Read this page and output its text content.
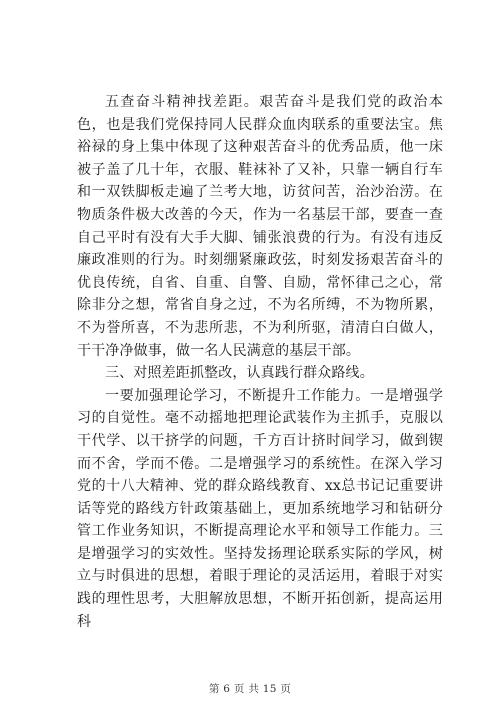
五查奋斗精神找差距。艰苦奋斗是我们党的政治本色，也是我们党保持同人民群众血肉联系的重要法宝。焦裕禄的身上集中体现了这种艰苦奋斗的优秀品质，他一床被子盖了几十年，衣服、鞋袜补了又补，只靠一辆自行车和一双铁脚板走遍了兰考大地，访贫问苦，治沙治涝。在物质条件极大改善的今天，作为一名基层干部，要查一查自己平时有没有大手大脚、铺张浪费的行为。有没有违反廉政准则的行为。时刻绷紧廉政弦，时刻发扬艰苦奋斗的优良传统，自省、自重、自警、自励，常怀律己之心，常除非分之想，常省自身之过，不为名所缚，不为物所累，不为誉所喜，不为悲所悲，不为利所驱，清清白白做人，干干净净做事，做一名人民满意的基层干部。

三、对照差距抓整改，认真践行群众路线。

一要加强理论学习，不断提升工作能力。一是增强学习的自觉性。毫不动摇地把理论武装作为主抓手，克服以干代学、以干挤学的问题，千方百计挤时间学习，做到锲而不舍，学而不倦。二是增强学习的系统性。在深入学习党的十八大精神、党的群众路线教育、xx总书记记重要讲话等党的路线方针政策基础上，更加系统地学习和钻研分管工作业务知识，不断提高理论水平和领导工作能力。三是增强学习的实效性。坚持发扬理论联系实际的学风，树立与时俱进的思想，着眼于理论的灵活运用，着眼于对实践的理性思考，大胆解放思想，不断开拓创新，提高运用科

第 6 页 共 15 页
